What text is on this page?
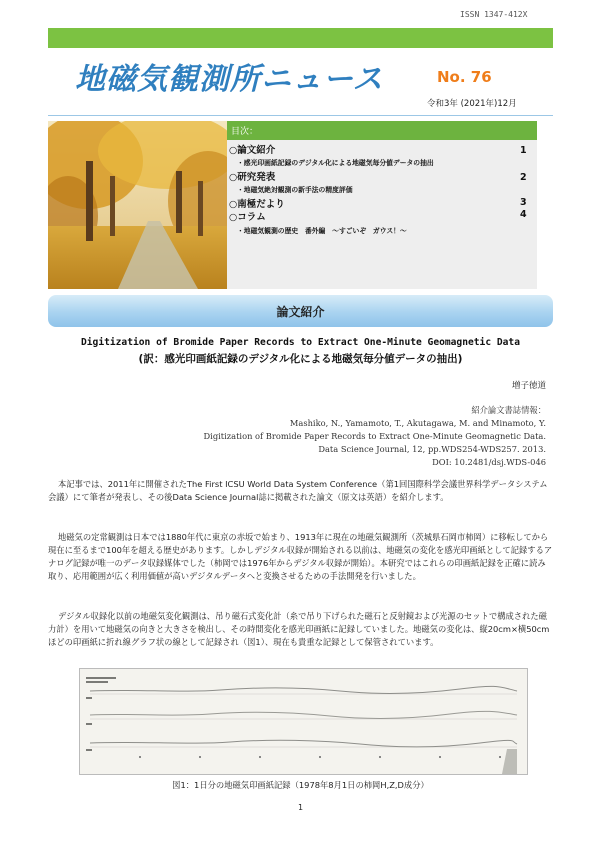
ISSN 1347-412X
地磁気観測所ニュース	No. 76
令和3年 (2021年)12月
目次：
○論文紹介	1
・感光印画紙記録のデジタル化による地磁気毎分値データの抽出
○研究発表	2
・地磁気絶対観測の新手法の精度評価
○南極だより	3
○コラム	4
・地磁気観測の歴史　番外編　～すごいぞ　ガウス！～
論文紹介
Digitization of Bromide Paper Records to Extract One-Minute Geomagnetic Data
(訳：感光印画紙記録のデジタル化による地磁気毎分値データの抽出)
増子徳道
紹介論文書誌情報：
Mashiko, N., Yamamoto, T., Akutagawa, M. and Minamoto, Y.
Digitization of Bromide Paper Records to Extract One-Minute Geomagnetic Data.
Data Science Journal, 12, pp.WDS254-WDS257. 2013.
DOI: 10.2481/dsj.WDS-046
本記事では、2011年に開催されたThe First ICSU World Data System Conference（第1回国際科学会議世界科学データシステム会議）にて筆者が発表し、その後Data Science Journal誌に掲載された論文（原文は英語）を紹介します。
地磁気の定常観測は日本では1880年代に東京の赤坂で始まり、1913年に現在の地磁気観測所（茨城県石岡市柿岡）に移転してから現在に至るまで100年を超える歴史があります。しかしデジタル収録が開始される以前は、地磁気の変化を感光印画紙として記録するアナログ記録が唯一のデータ収録媒体でした（柿岡では1976年からデジタル収録が開始）。本研究ではこれらの印画紙記録を正確に読み取り、応用範囲が広く利用価値が高いデジタルデータへと変換させるための手法開発を行いました。
デジタル収録化以前の地磁気変化観測は、吊り磁石式変化計（糸で吊り下げられた磁石と反射鏡および光源のセットで構成された磁力計）を用いて地磁気の向きと大きさを検出し、その時間変化を感光印画紙に記録していました。地磁気の変化は、縦20cm×横50cmほどの印画紙に折れ線グラフ状の線として記録され（図1）、現在も貴重な記録として保管されています。
図1：1日分の地磁気印画紙記録（1978年8月1日の柿岡H,Z,D成分）
1
